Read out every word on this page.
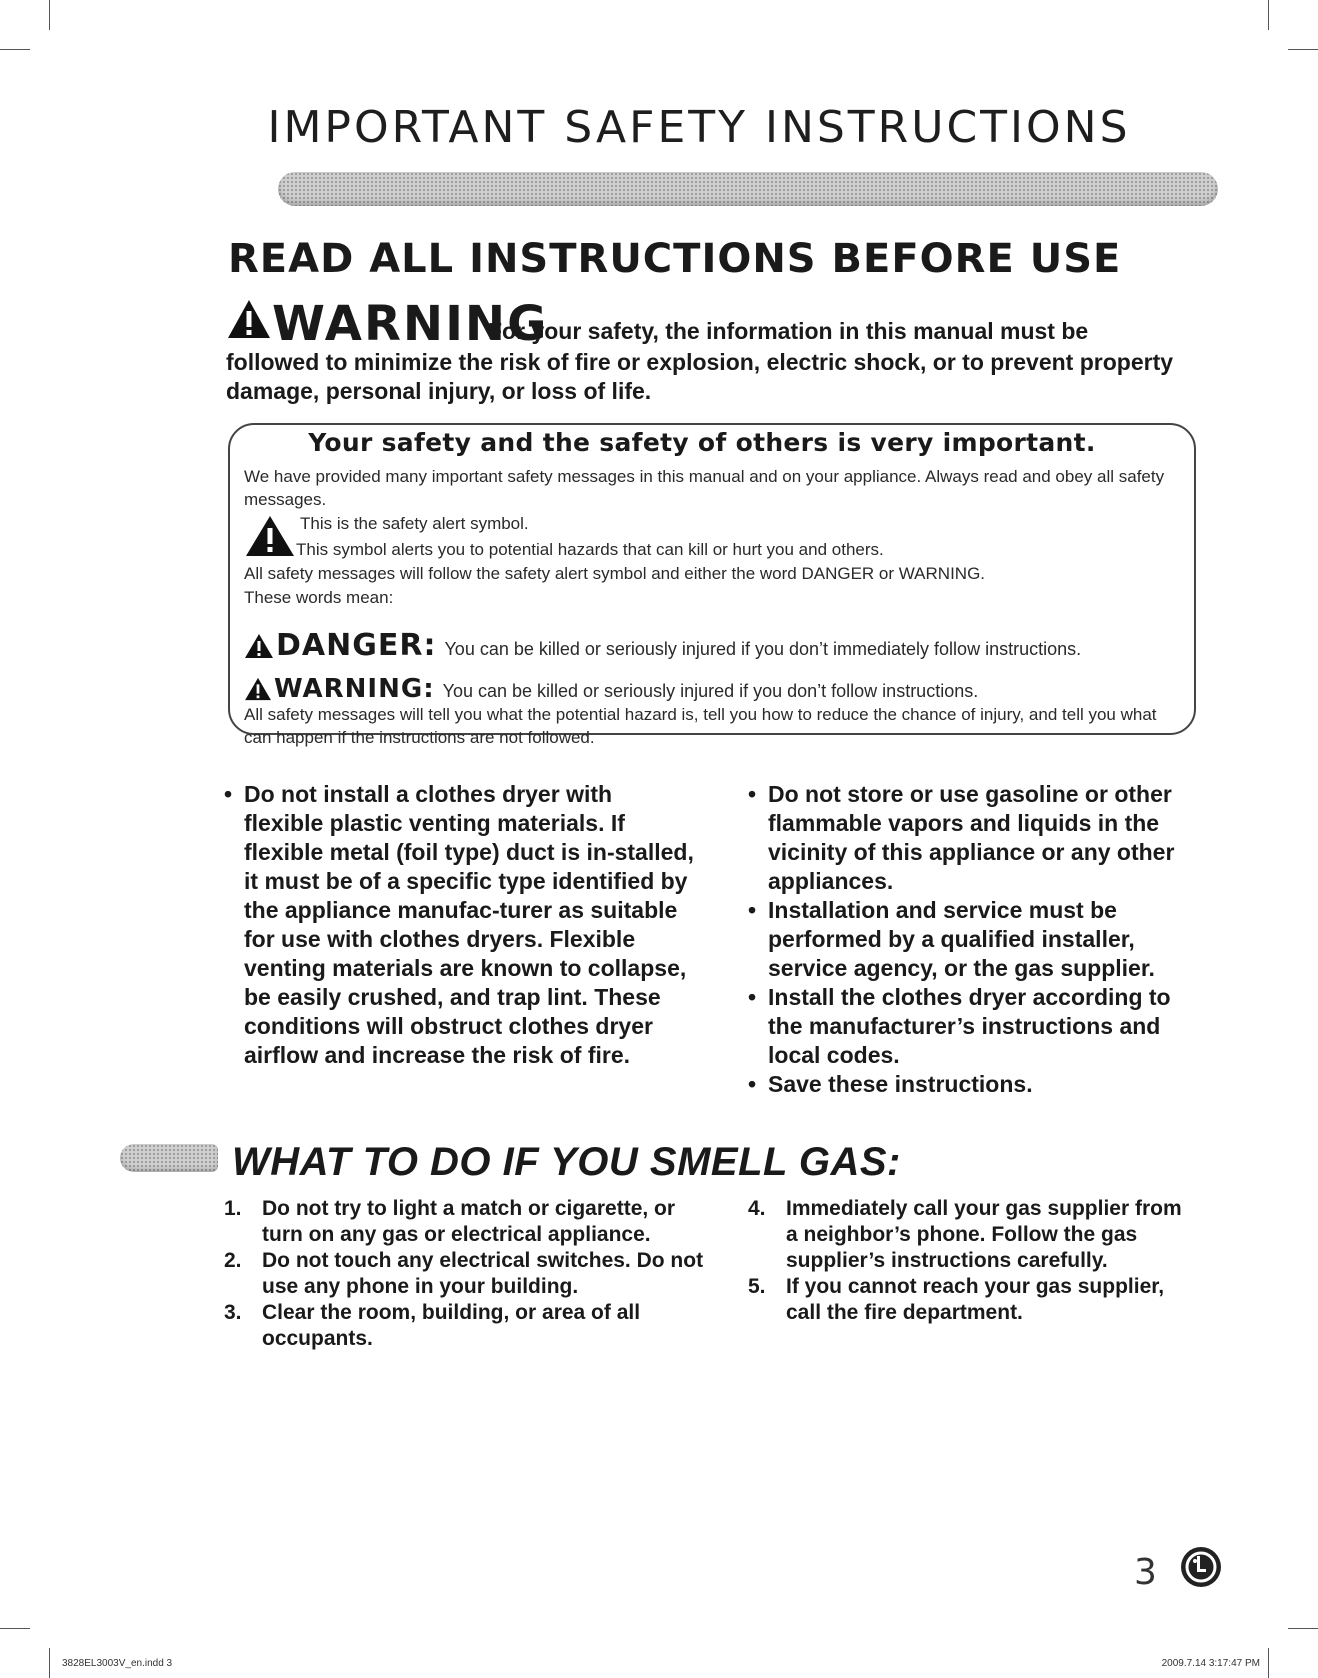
IMPORTANT SAFETY INSTRUCTIONS
READ ALL INSTRUCTIONS BEFORE USE
WARNING
For your safety, the information in this manual must be
followed to minimize the risk of fire or explosion, electric shock, or to prevent property damage, personal injury, or loss of life.
Your safety and the safety of others is very important.
We have provided many important safety messages in this manual and on your appliance. Always read and obey all safety messages.
This is the safety alert symbol.
This symbol alerts you to potential hazards that can kill or hurt you and others.
All safety messages will follow the safety alert symbol and either the word DANGER or WARNING.
These words mean:
DANGER: You can be killed or seriously injured if you don’t immediately follow instructions.
WARNING: You can be killed or seriously injured if you don’t follow instructions.
All safety messages will tell you what the potential hazard is, tell you how to reduce the chance of injury, and tell you what can happen if the instructions are not followed.
• Do not install a clothes dryer with flexible plastic venting materials. If flexible metal (foil type) duct is in-stalled, it must be of a specific type identified by the appliance manufac-turer as suitable for use with clothes dryers. Flexible venting materials are known to collapse, be easily crushed, and trap lint. These conditions will obstruct clothes dryer airflow and increase the risk of fire.
• Do not store or use gasoline or other flammable vapors and liquids in the vicinity of this appliance or any other appliances.
• Installation and service must be performed by a qualified installer, service agency, or the gas supplier.
• Install the clothes dryer according to the manufacturer’s instructions and local codes.
• Save these instructions.
WHAT TO DO IF YOU SMELL GAS:
1. Do not try to light a match or cigarette, or turn on any gas or electrical appliance.
2. Do not touch any electrical switches. Do not use any phone in your building.
3. Clear the room, building, or area of all occupants.
4. Immediately call your gas supplier from a neighbor’s phone. Follow the gas supplier’s instructions carefully.
5. If you cannot reach your gas supplier, call the fire department.
3
3828EL3003V_en.indd 3	2009.7.14 3:17:47 PM
